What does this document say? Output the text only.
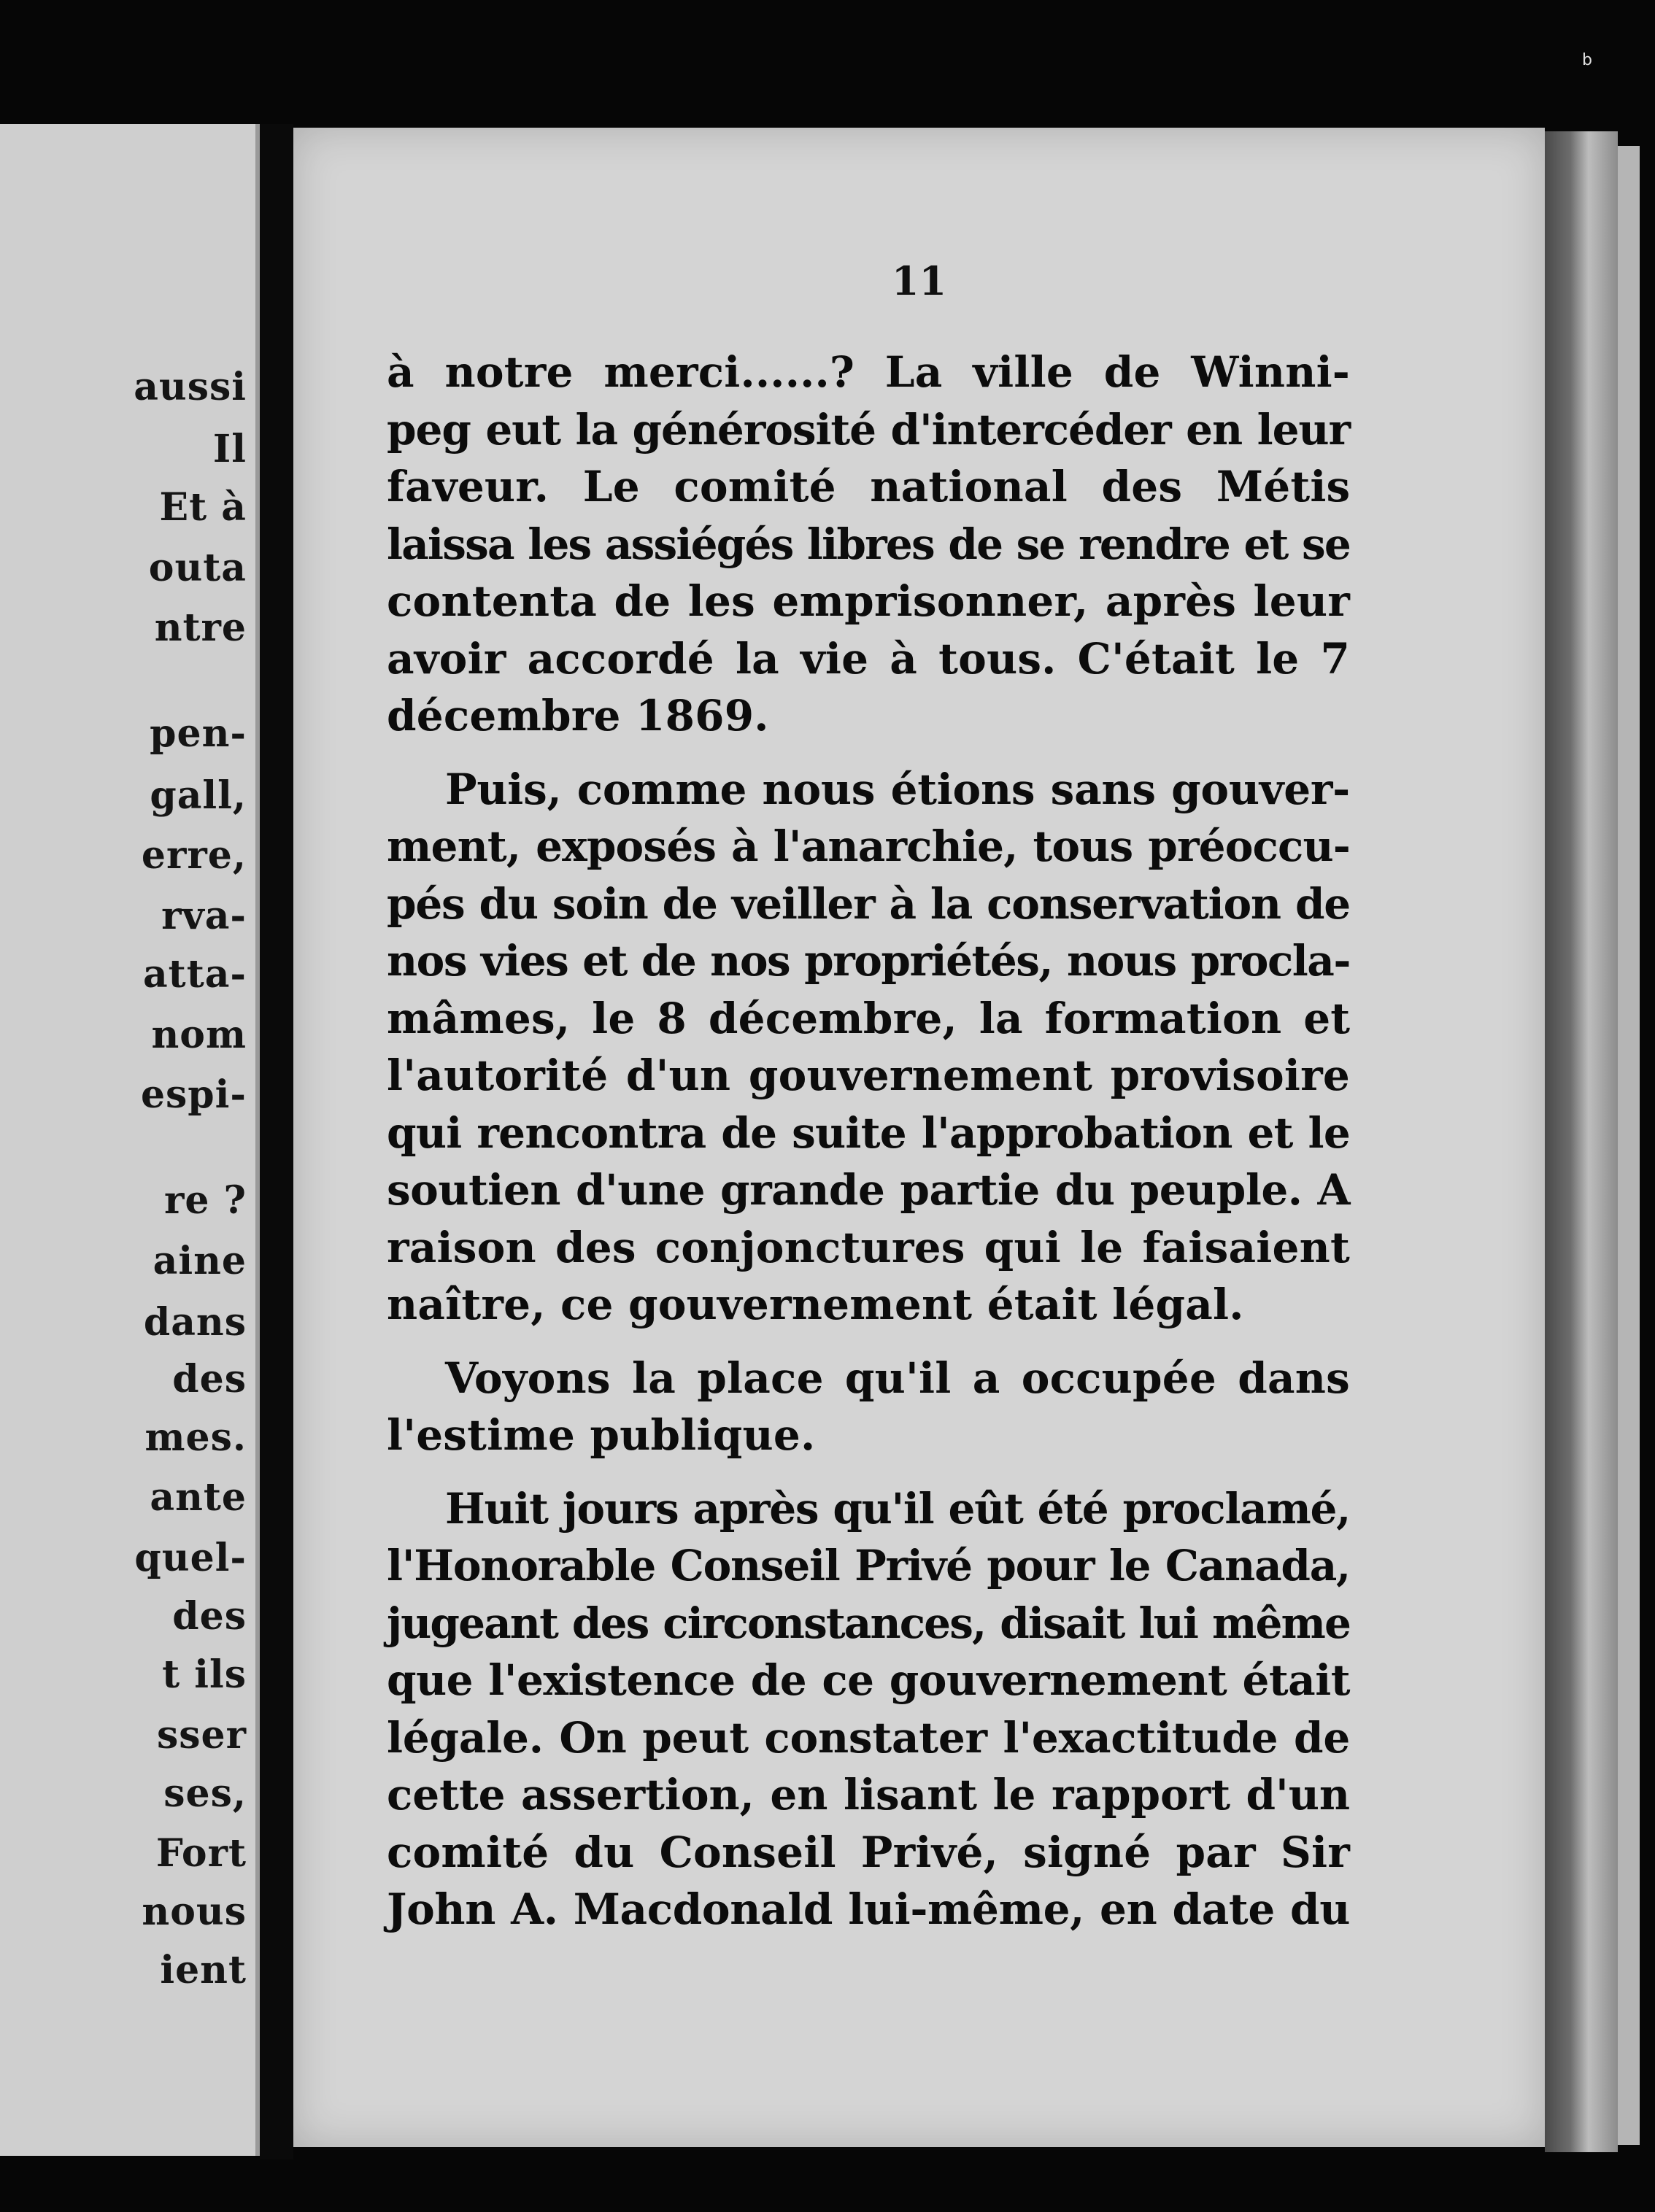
b
aussi
Il
Et à
outa
ntre
pen-
gall,
erre,
rva-
atta-
nom
espi-
re ?
aine
dans
des
mes.
ante
quel-
des
t ils
sser
ses,
Fort
nous
ient
11

à notre merci......? La ville de Winni-
peg eut la générosité d'intercéder en leur
faveur. Le comité national des Métis
laissa les assiégés libres de se rendre et se
contenta de les emprisonner, après leur
avoir accordé la vie à tous. C'était le 7
décembre 1869.

Puis, comme nous étions sans gouver-
ment, exposés à l'anarchie, tous préoccu-
pés du soin de veiller à la conservation de
nos vies et de nos propriétés, nous procla-
mâmes, le 8 décembre, la formation et
l'autorité d'un gouvernement provisoire
qui rencontra de suite l'approbation et le
soutien d'une grande partie du peuple. A
raison des conjonctures qui le faisaient
naître, ce gouvernement était légal.

Voyons la place qu'il a occupée dans
l'estime publique.

Huit jours après qu'il eût été proclamé,
l'Honorable Conseil Privé pour le Canada,
jugeant des circonstances, disait lui même
que l'existence de ce gouvernement était
légale. On peut constater l'exactitude de
cette assertion, en lisant le rapport d'un
comité du Conseil Privé, signé par Sir
John A. Macdonald lui-même, en date du
